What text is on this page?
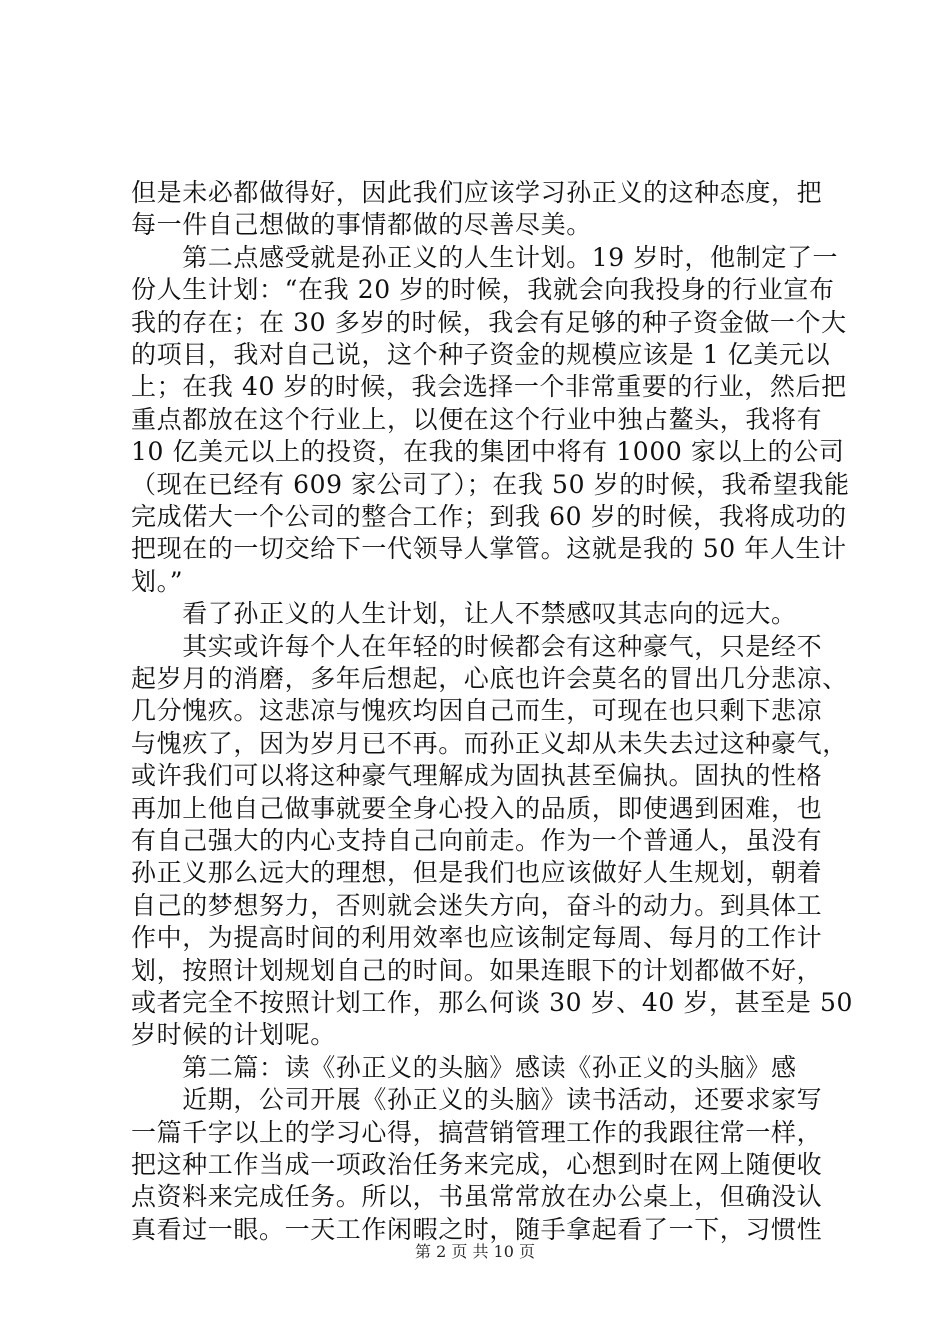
但是未必都做得好，因此我们应该学习孙正义的这种态度，把
每一件自己想做的事情都做的尽善尽美。
　　第二点感受就是孙正义的人生计划。19 岁时，他制定了一
份人生计划：“在我 20 岁的时候，我就会向我投身的行业宣布
我的存在；在 30 多岁的时候，我会有足够的种子资金做一个大
的项目，我对自己说，这个种子资金的规模应该是 1 亿美元以
上；在我 40 岁的时候，我会选择一个非常重要的行业，然后把
重点都放在这个行业上，以便在这个行业中独占鳌头，我将有
10 亿美元以上的投资，在我的集团中将有 1000 家以上的公司
（现在已经有 609 家公司了）；在我 50 岁的时候，我希望我能
完成偌大一个公司的整合工作；到我 60 岁的时候，我将成功的
把现在的一切交给下一代领导人掌管。这就是我的 50 年人生计
划。”
　　看了孙正义的人生计划，让人不禁感叹其志向的远大。
　　其实或许每个人在年轻的时候都会有这种豪气，只是经不
起岁月的消磨，多年后想起，心底也许会莫名的冒出几分悲凉、
几分愧疚。这悲凉与愧疚均因自己而生，可现在也只剩下悲凉
与愧疚了，因为岁月已不再。而孙正义却从未失去过这种豪气，
或许我们可以将这种豪气理解成为固执甚至偏执。固执的性格
再加上他自己做事就要全身心投入的品质，即使遇到困难，也
有自己强大的内心支持自己向前走。作为一个普通人，虽没有
孙正义那么远大的理想，但是我们也应该做好人生规划，朝着
自己的梦想努力，否则就会迷失方向，奋斗的动力。到具体工
作中，为提高时间的利用效率也应该制定每周、每月的工作计
划，按照计划规划自己的时间。如果连眼下的计划都做不好，
或者完全不按照计划工作，那么何谈 30 岁、40 岁，甚至是 50
岁时候的计划呢。
　　第二篇：读《孙正义的头脑》感读《孙正义的头脑》感
　　近期，公司开展《孙正义的头脑》读书活动，还要求家写
一篇千字以上的学习心得，搞营销管理工作的我跟往常一样，
把这种工作当成一项政治任务来完成，心想到时在网上随便收
点资料来完成任务。所以，书虽常常放在办公桌上，但确没认
真看过一眼。一天工作闲暇之时，随手拿起看了一下，习惯性
第 2 页 共 10 页
